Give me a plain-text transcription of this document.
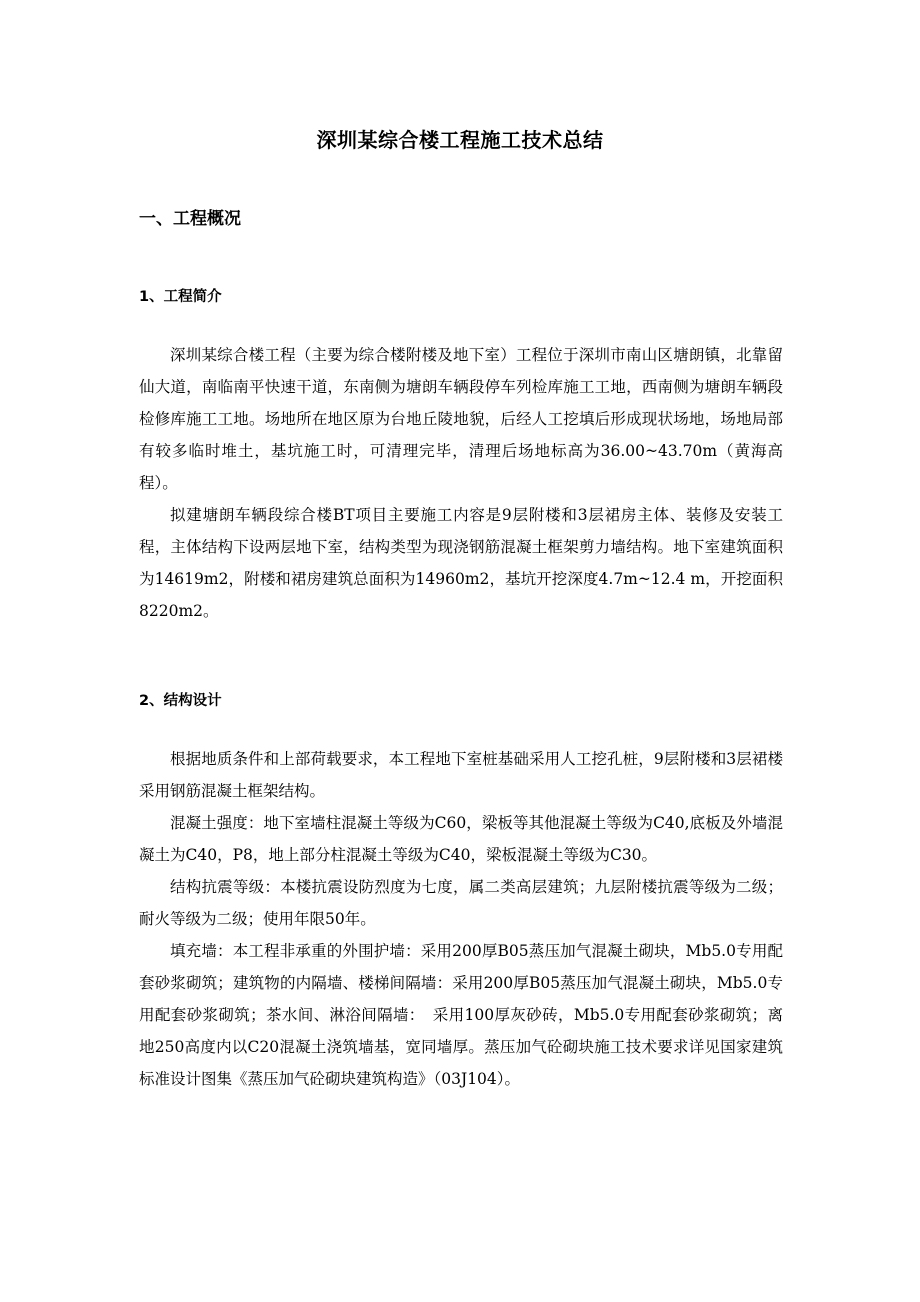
深圳某综合楼工程施工技术总结
一、工程概况
1、工程简介

深圳某综合楼工程（主要为综合楼附楼及地下室）工程位于深圳市南山区塘朗镇，北靠留仙大道，南临南平快速干道，东南侧为塘朗车辆段停车列检库施工工地，西南侧为塘朗车辆段检修库施工工地。场地所在地区原为台地丘陵地貌，后经人工挖填后形成现状场地，场地局部有较多临时堆土，基坑施工时，可清理完毕，清理后场地标高为36.00~43.70m（黄海高程）。

拟建塘朗车辆段综合楼BT项目主要施工内容是9层附楼和3层裙房主体、装修及安装工程，主体结构下设两层地下室，结构类型为现浇钢筋混凝土框架剪力墙结构。地下室建筑面积为14619m2，附楼和裙房建筑总面积为14960m2，基坑开挖深度4.7m~12.4 m，开挖面积8220m2。

2、结构设计

根据地质条件和上部荷载要求，本工程地下室桩基础采用人工挖孔桩，9层附楼和3层裙楼采用钢筋混凝土框架结构。

混凝土强度：地下室墙柱混凝土等级为C60，梁板等其他混凝土等级为C40,底板及外墙混凝土为C40，P8，地上部分柱混凝土等级为C40，梁板混凝土等级为C30。

结构抗震等级：本楼抗震设防烈度为七度，属二类高层建筑；九层附楼抗震等级为二级；耐火等级为二级；使用年限50年。

填充墙：本工程非承重的外围护墙：采用200厚B05蒸压加气混凝土砌块，Mb5.0专用配套砂浆砌筑；建筑物的内隔墙、楼梯间隔墙：采用200厚B05蒸压加气混凝土砌块，Mb5.0专用配套砂浆砌筑；茶水间、淋浴间隔墙：　采用100厚灰砂砖，Mb5.0专用配套砂浆砌筑；离地250高度内以C20混凝土浇筑墙基，宽同墙厚。蒸压加气砼砌块施工技术要求详见国家建筑标准设计图集《蒸压加气砼砌块建筑构造》（03J104）。
